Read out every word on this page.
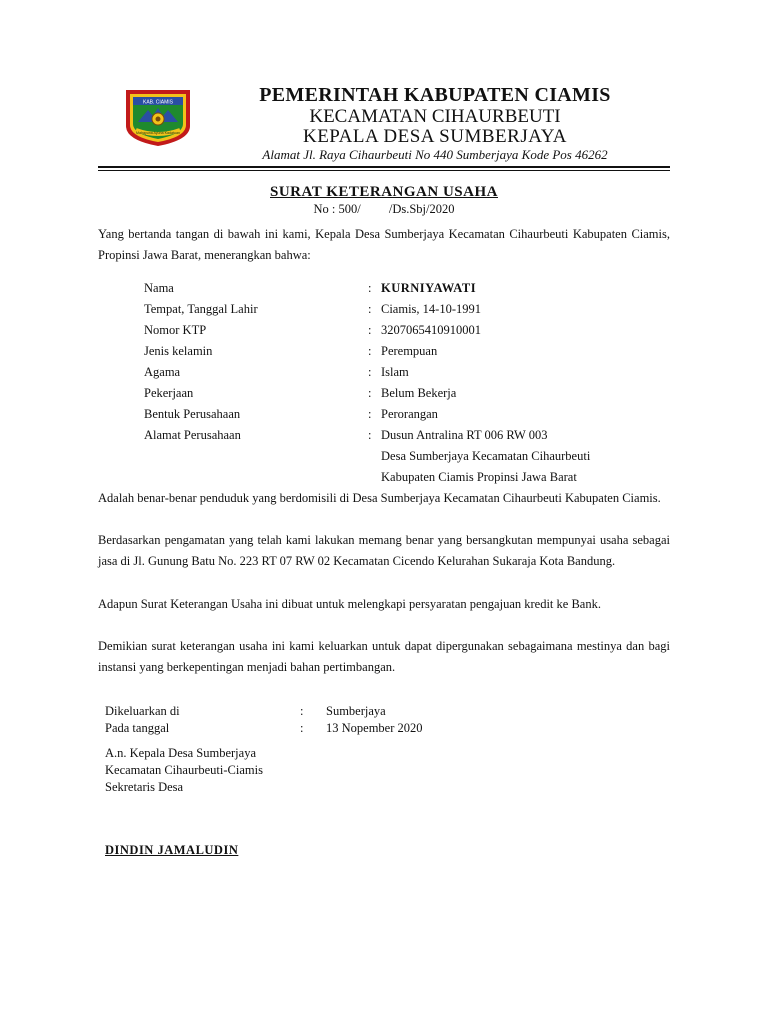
KAB. CIAMIS
Mahayuna Ayuna Kadatuan
PEMERINTAH KABUPATEN CIAMIS
KECAMATAN CIHAURBEUTI
KEPALA DESA SUMBERJAYA
Alamat Jl. Raya Cihaurbeuti No 440 Sumberjaya Kode Pos 46262
SURAT KETERANGAN USAHA
No : 500/         /Ds.Sbj/2020
Yang bertanda tangan di bawah ini kami, Kepala Desa Sumberjaya Kecamatan Cihaurbeuti Kabupaten Ciamis, Propinsi Jawa Barat, menerangkan bahwa:
Nama	: KURNIYAWATI
Tempat, Tanggal Lahir	: Ciamis, 14-10-1991
Nomor KTP	: 3207065410910001
Jenis kelamin	: Perempuan
Agama	: Islam
Pekerjaan	: Belum Bekerja
Bentuk Perusahaan	: Perorangan
Alamat Perusahaan	: Dusun Antralina RT 006 RW 003
Desa Sumberjaya Kecamatan Cihaurbeuti
Kabupaten Ciamis Propinsi Jawa Barat
Adalah benar-benar penduduk yang berdomisili di Desa Sumberjaya Kecamatan Cihaurbeuti Kabupaten Ciamis.
Berdasarkan pengamatan yang telah kami lakukan memang benar yang bersangkutan mempunyai usaha sebagai jasa di Jl. Gunung Batu No. 223 RT 07 RW 02 Kecamatan Cicendo Kelurahan Sukaraja Kota Bandung.
Adapun Surat Keterangan Usaha ini dibuat untuk melengkapi persyaratan pengajuan kredit ke Bank.
Demikian surat keterangan usaha ini kami keluarkan untuk dapat dipergunakan sebagaimana mestinya dan bagi instansi yang berkepentingan menjadi bahan pertimbangan.
Dikeluarkan di	: Sumberjaya
Pada tanggal	: 13 Nopember 2020
A.n. Kepala Desa Sumberjaya
Kecamatan Cihaurbeuti-Ciamis
Sekretaris Desa
DINDIN JAMALUDIN
